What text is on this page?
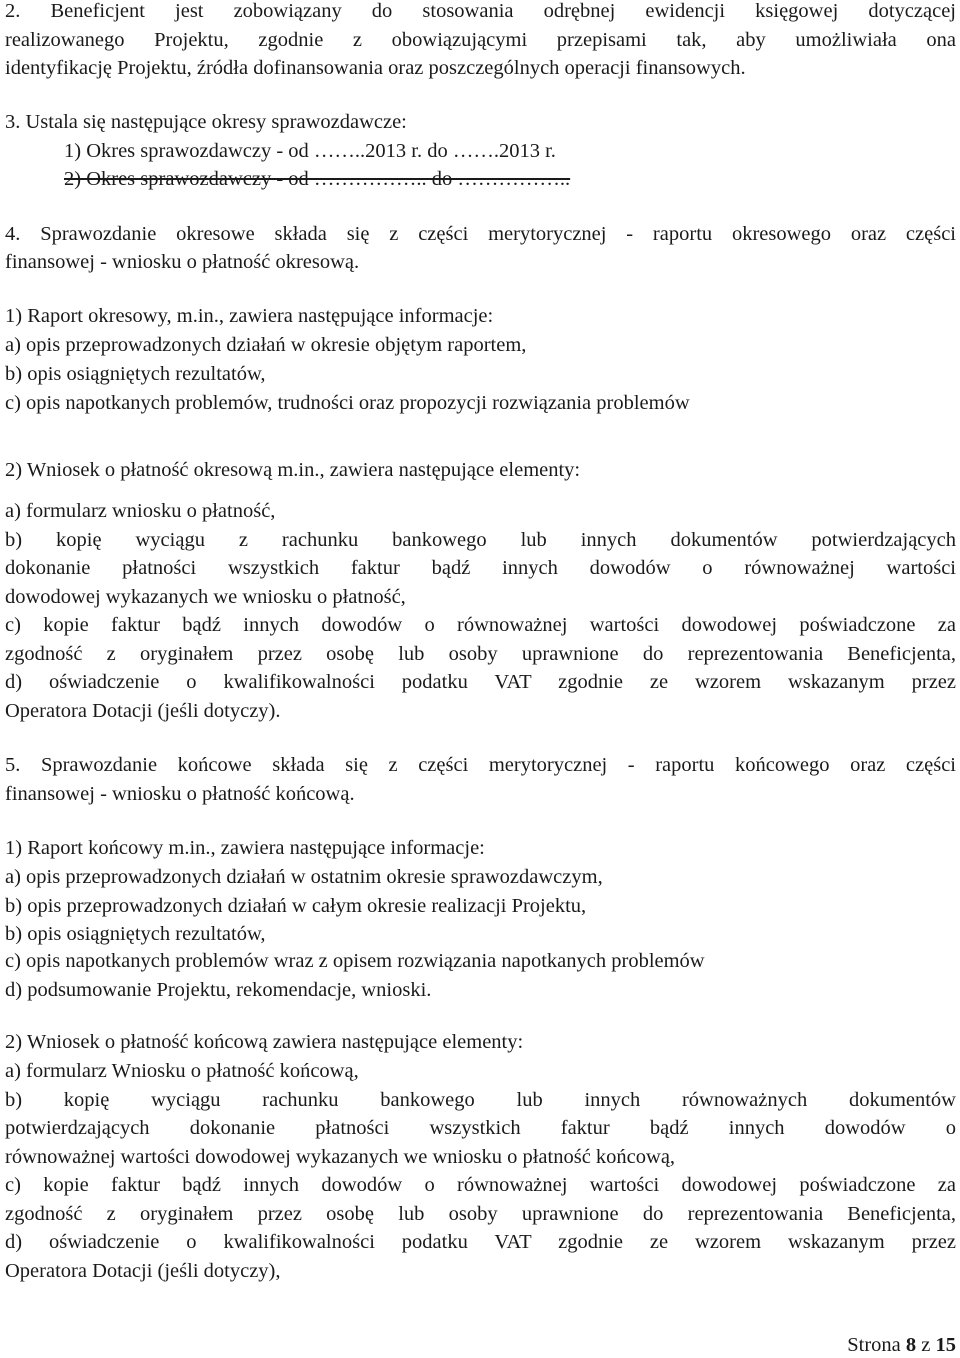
2. Beneficjent jest zobowiązany do stosowania odrębnej ewidencji księgowej dotyczącej
realizowanego Projektu, zgodnie z obowiązującymi przepisami tak, aby umożliwiała ona
identyfikację Projektu, źródła dofinansowania oraz poszczególnych operacji finansowych.
3. Ustala się następujące okresy sprawozdawcze:
1) Okres sprawozdawczy - od ……..2013 r. do …….2013 r.
2) Okres sprawozdawczy - od …………….. do ……………..
4. Sprawozdanie okresowe składa się z części merytorycznej - raportu okresowego oraz części
finansowej - wniosku o płatność okresową.
1) Raport okresowy, m.in., zawiera następujące informacje:
a) opis przeprowadzonych działań w okresie objętym raportem,
b) opis osiągniętych rezultatów,
c) opis napotkanych problemów, trudności oraz propozycji rozwiązania problemów
2) Wniosek o płatność okresową m.in., zawiera następujące elementy:
a) formularz wniosku o płatność,
b) kopię wyciągu z rachunku bankowego lub innych dokumentów potwierdzających
dokonanie płatności wszystkich faktur bądź innych dowodów o równoważnej wartości
dowodowej wykazanych we wniosku o płatność,
c) kopie faktur bądź innych dowodów o równoważnej wartości dowodowej poświadczone za
zgodność z oryginałem przez osobę lub osoby uprawnione do reprezentowania Beneficjenta,
d) oświadczenie o kwalifikowalności podatku VAT zgodnie ze wzorem wskazanym przez
Operatora Dotacji (jeśli dotyczy).
5. Sprawozdanie końcowe składa się z części merytorycznej - raportu końcowego oraz części
finansowej - wniosku o płatność końcową.
1) Raport końcowy m.in., zawiera następujące informacje:
a) opis przeprowadzonych działań w ostatnim okresie sprawozdawczym,
b) opis przeprowadzonych działań w całym okresie realizacji Projektu,
b) opis osiągniętych rezultatów,
c) opis napotkanych problemów wraz z opisem rozwiązania napotkanych problemów
d) podsumowanie Projektu, rekomendacje, wnioski.
2) Wniosek o płatność końcową zawiera następujące elementy:
a) formularz Wniosku o płatność końcową,
b) kopię wyciągu rachunku bankowego lub innych równoważnych dokumentów
potwierdzających dokonanie płatności wszystkich faktur bądź innych dowodów o
równoważnej wartości dowodowej wykazanych we wniosku o płatność końcową,
c) kopie faktur bądź innych dowodów o równoważnej wartości dowodowej poświadczone za
zgodność z oryginałem przez osobę lub osoby uprawnione do reprezentowania Beneficjenta,
d) oświadczenie o kwalifikowalności podatku VAT zgodnie ze wzorem wskazanym przez
Operatora Dotacji (jeśli dotyczy),
Strona 8 z 15
